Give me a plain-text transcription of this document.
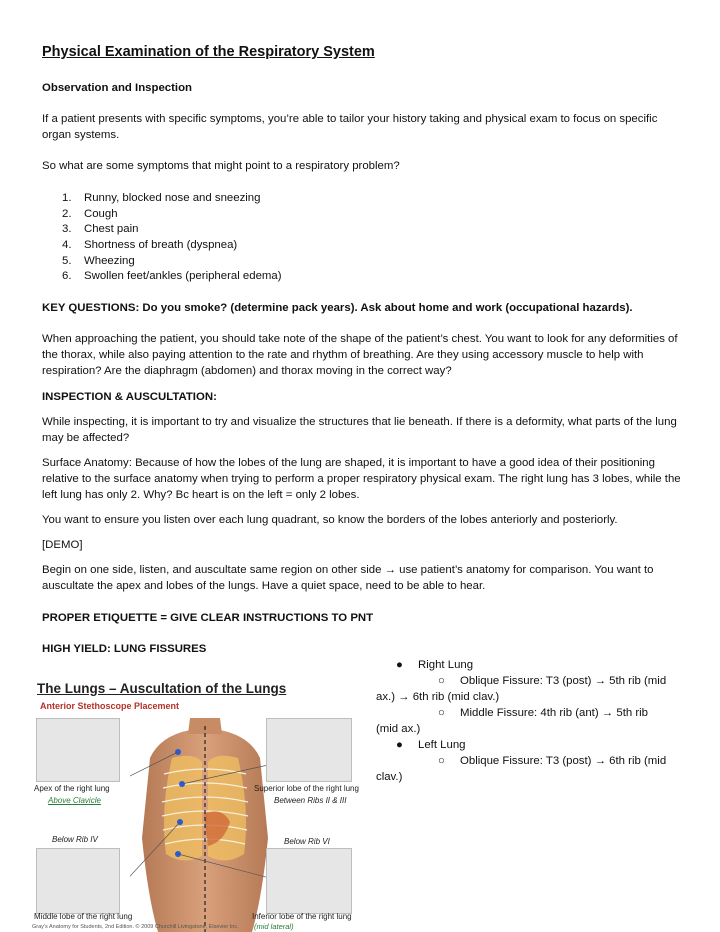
Physical Examination of the Respiratory System
Observation and Inspection
If a patient presents with specific symptoms, you’re able to tailor your history taking and physical exam to focus on specific organ systems.
So what are some symptoms that might point to a respiratory problem?
1. Runny, blocked nose and sneezing
2. Cough
3. Chest pain
4. Shortness of breath (dyspnea)
5. Wheezing
6. Swollen feet/ankles (peripheral edema)
KEY QUESTIONS: Do you smoke? (determine pack years). Ask about home and work (occupational hazards).
When approaching the patient, you should take note of the shape of the patient’s chest. You want to look for any deformities of the thorax, while also paying attention to the rate and rhythm of breathing. Are they using accessory muscle to help with respiration? Are the diaphragm (abdomen) and thorax moving in the correct way?
INSPECTION & AUSCULTATION:
While inspecting, it is important to try and visualize the structures that lie beneath. If there is a deformity, what parts of the lung may be affected?
Surface Anatomy: Because of how the lobes of the lung are shaped, it is important to have a good idea of their positioning relative to the surface anatomy when trying to perform a proper respiratory physical exam. The right lung has 3 lobes, while the left lung has only 2. Why? Bc heart is on the left = only 2 lobes.
You want to ensure you listen over each lung quadrant, so know the borders of the lobes anteriorly and posteriorly.
[DEMO]
Begin on one side, listen, and auscultate same region on other side → use patient’s anatomy for comparison. You want to auscultate the apex and lobes of the lungs. Have a quiet space, need to be able to hear.
PROPER ETIQUETTE = GIVE CLEAR INSTRUCTIONS TO PNT
HIGH YIELD: LUNG FISSURES
● Right Lung
○ Oblique Fissure: T3 (post) → 5th rib (mid
ax.) → 6th rib (mid clav.)
○ Middle Fissure: 4th rib (ant) → 5th rib
(mid ax.)
● Left Lung
○ Oblique Fissure: T3 (post) → 6th rib (mid
clav.)
The Lungs – Auscultation of the Lungs
Anterior Stethoscope Placement
Apex of the right lung
Above Clavicle
Superior lobe of the right lung
Between Ribs II & III
Below Rib IV	Below Rib VI
Middle lobe of the right lung	Inferior lobe of the right lung
Gray’s Anatomy for Students, 2nd Edition. © 2009 Churchill Livingstone, Elsevier Inc. (mid lateral)
